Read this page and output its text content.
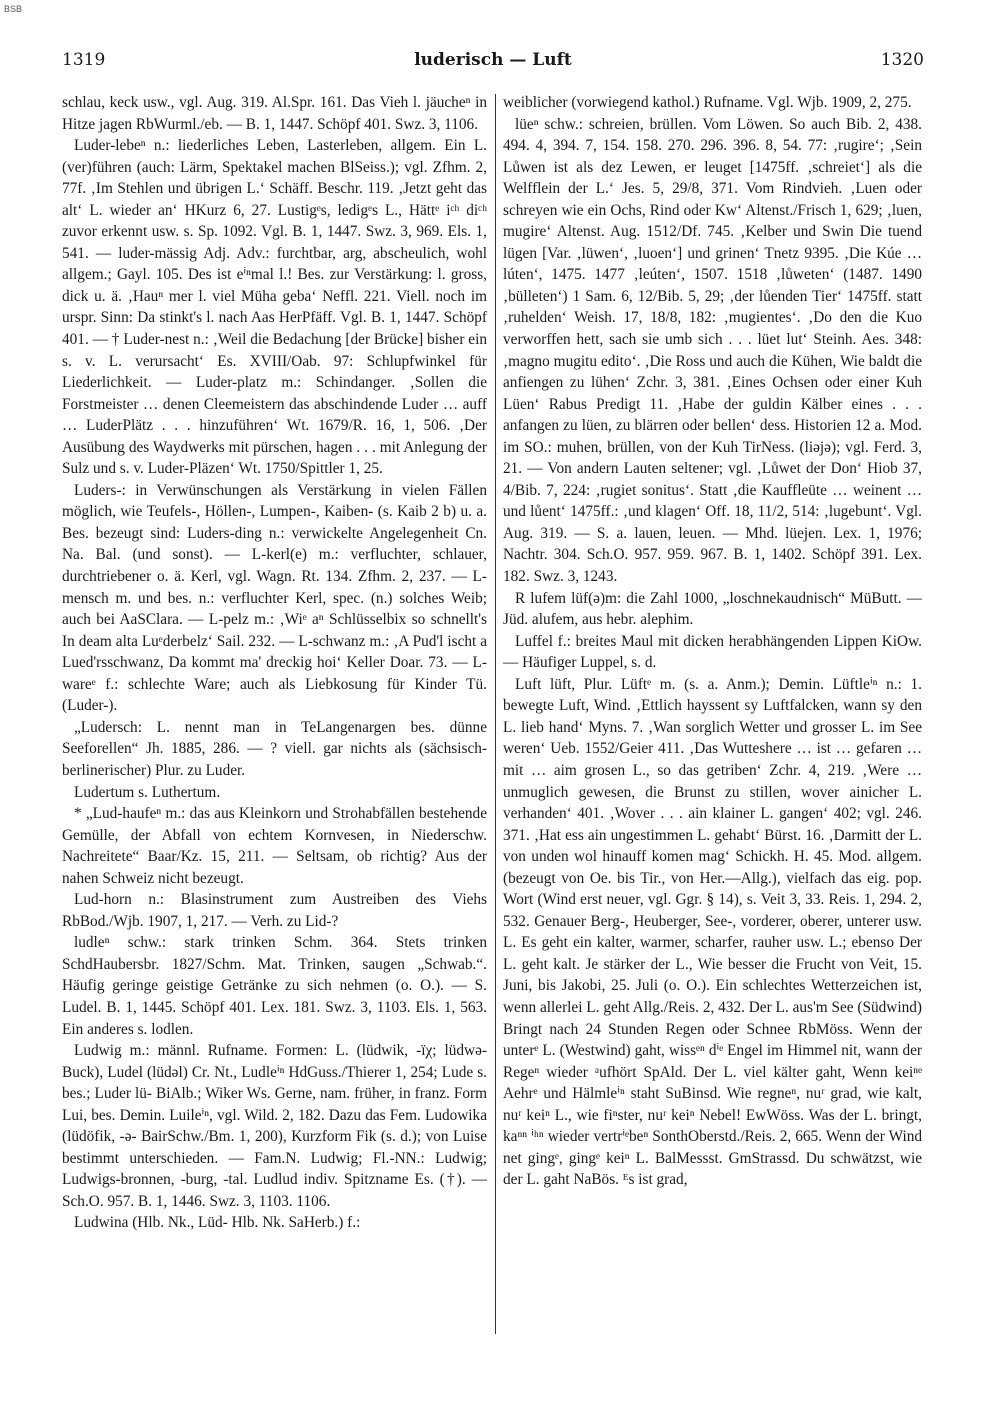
BSB
1319	luderisch — Luft	1320

schlau, keck usw., vgl. Aug. 319. Al.Spr. 161. Das Vieh l. jäucheⁿ in Hitze jagen RbWurml./eb. — B. 1, 1447. Schöpf 401. Swz. 3, 1106.

Luder-lebeⁿ n.: liederliches Leben, Lasterleben, allgem. Ein L. (ver)führen (auch: Lärm, Spektakel machen BlSeiss.); vgl. Zfhm. 2, 77f. ‚Im Stehlen und übrigen L.‘ Schäff. Beschr. 119. ‚Jetzt geht das alt‘ L. wieder an‘ HKurz 6, 27. Lustigᵉs, ledigᵉs L., Hättᵉ iᶜʰ diᶜʰ zuvor erkennt usw. s. Sp. 1092. Vgl. B. 1, 1447. Swz. 3, 969. Els. 1, 541. — luder-mässig Adj. Adv.: furchtbar, arg, abscheulich, wohl allgem.; Gayl. 105. Des ist eⁱⁿmal l.! Bes. zur Verstärkung: l. gross, dick u. ä. ‚Hauⁿ mer l. viel Müha geba‘ Neffl. 221. Viell. noch im urspr. Sinn: Da stinkt's l. nach Aas HerPfäff. Vgl. B. 1, 1447. Schöpf 401. — † Luder-nest n.: ‚Weil die Bedachung [der Brücke] bisher ein s. v. L. verursacht‘ Es. XVIII/Oab. 97: Schlupfwinkel für Liederlichkeit. — Luder-platz m.: Schindanger. ‚Sollen die Forstmeister … denen Cleemeistern das abschindende Luder … auff … LuderPlätz . . . hinzuführen‘ Wt. 1679/R. 16, 1, 506. ‚Der Ausübung des Waydwerks mit pürschen, hagen . . . mit Anlegung der Sulz und s. v. Luder-Pläzen‘ Wt. 1750/Spittler 1, 25.

Luders-: in Verwünschungen als Verstärkung in vielen Fällen möglich, wie Teufels-, Höllen-, Lumpen-, Kaiben- (s. Kaib 2 b) u. a. Bes. bezeugt sind: Luders-ding n.: verwickelte Angelegenheit Cn. Na. Bal. (und sonst). — L-kerl(e) m.: verfluchter, schlauer, durchtriebener o. ä. Kerl, vgl. Wagn. Rt. 134. Zfhm. 2, 237. — L-mensch m. und bes. n.: verfluchter Kerl, spec. (n.) solches Weib; auch bei AaSClara. — L-pelz m.: ‚Wiᵉ aⁿ Schlüsselbix so schnellt's In deam alta Luᵉderbelz‘ Sail. 232. — L-schwanz m.: ‚A Pud'l ischt a Lued'rsschwanz, Da kommt ma' dreckig hoi‘ Keller Doar. 73. — L-wareᵉ f.: schlechte Ware; auch als Liebkosung für Kinder Tü. (Luder-).

„Ludersch: L. nennt man in TeLangenargen bes. dünne Seeforellen“ Jh. 1885, 286. — ? viell. gar nichts als (sächsisch-berlinerischer) Plur. zu Luder.

Ludertum s. Luthertum.

* „Lud-haufeⁿ m.: das aus Kleinkorn und Strohabfällen bestehende Gemülle, der Abfall von echtem Kornvesen, in Niederschw. Nachreitete“ Baar/Kz. 15, 211. — Seltsam, ob richtig? Aus der nahen Schweiz nicht bezeugt.

Lud-horn n.: Blasinstrument zum Austreiben des Viehs RbBod./Wjb. 1907, 1, 217. — Verh. zu Lid-?

ludleⁿ schw.: stark trinken Schm. 364. Stets trinken SchdHaubersbr. 1827/Schm. Mat. Trinken, saugen „Schwab.“. Häufig geringe geistige Getränke zu sich nehmen (o. O.). — S. Ludel. B. 1, 1445. Schöpf 401. Lex. 181. Swz. 3, 1103. Els. 1, 563. Ein anderes s. lodlen.

Ludwig m.: männl. Rufname. Formen: L. (lüdwik, -ïχ; lüdwə- Buck), Ludel (lüdəl) Cr. Nt., Ludleⁱⁿ HdGuss./Thierer 1, 254; Lude s. bes.; Luder lü- BiAlb.; Wiker Ws. Gerne, nam. früher, in franz. Form Lui, bes. Demin. Luileⁱⁿ, vgl. Wild. 2, 182. Dazu das Fem. Ludowika (lüdöfik, -ə- BairSchw./Bm. 1, 200), Kurzform Fik (s. d.); von Luise bestimmt unterschieden. — Fam.N. Ludwig; Fl.-NN.: Ludwig; Ludwigs-bronnen, -burg, -tal. Ludlud indiv. Spitzname Es. (†). — Sch.O. 957. B. 1, 1446. Swz. 3, 1103. 1106.

Ludwina (Hlb. Nk., Lüd- Hlb. Nk. SaHerb.) f.:

weiblicher (vorwiegend kathol.) Rufname. Vgl. Wjb. 1909, 2, 275.

lüeⁿ schw.: schreien, brüllen. Vom Löwen. So auch Bib. 2, 438. 494. 4, 394. 7, 154. 158. 270. 296. 396. 8, 54. 77: ‚rugire‘; ‚Sein Lůwen ist als dez Lewen, er leuget [1475ff. ‚schreiet‘] als die Welfflein der L.‘ Jes. 5, 29/8, 371. Vom Rindvieh. ‚Luen oder schreyen wie ein Ochs, Rind oder Kw‘ Altenst./Frisch 1, 629; ‚luen, mugire‘ Altenst. Aug. 1512/Df. 745. ‚Kelber und Swin Die tuend lügen [Var. ‚lüwen‘, ‚luoen‘] und grinen‘ Tnetz 9395. ‚Die Kúe … lúten‘, 1475. 1477 ‚leúten‘, 1507. 1518 ‚lůweten‘ (1487. 1490 ‚bülleten‘) 1 Sam. 6, 12/Bib. 5, 29; ‚der lůenden Tier‘ 1475ff. statt ‚ruhelden‘ Weish. 17, 18/8, 182: ‚mugientes‘. ‚Do den die Kuo verworffen hett, sach sie umb sich . . . lüet lut‘ Steinh. Aes. 348: ‚magno mugitu edito‘. ‚Die Ross und auch die Kühen, Wie baldt die anfiengen zu lühen‘ Zchr. 3, 381. ‚Eines Ochsen oder einer Kuh Lüen‘ Rabus Predigt 11. ‚Habe der guldin Kälber eines . . . anfangen zu lüen, zu blärren oder bellen‘ dess. Historien 12 a. Mod. im SO.: muhen, brüllen, von der Kuh TirNess. (liəjə); vgl. Ferd. 3, 21. — Von andern Lauten seltener; vgl. ‚Lůwet der Don‘ Hiob 37, 4/Bib. 7, 224: ‚rugiet sonitus‘. Statt ‚die Kauffleüte … weinent … und lůent‘ 1475ff.: ‚und klagen‘ Off. 18, 11/2, 514: ‚lugebunt‘. Vgl. Aug. 319. — S. a. lauen, leuen. — Mhd. lüejen. Lex. 1, 1976; Nachtr. 304. Sch.O. 957. 959. 967. B. 1, 1402. Schöpf 391. Lex. 182. Swz. 3, 1243.

R lufem lüf(ə)m: die Zahl 1000, „loschnekaudnisch“ MüButt. — Jüd. alufem, aus hebr. alephim.

Luffel f.: breites Maul mit dicken herabhängenden Lippen KiOw. — Häufiger Luppel, s. d.

Luft lüft, Plur. Lüftᵉ m. (s. a. Anm.); Demin. Lüftleⁱⁿ n.: 1. bewegte Luft, Wind. ‚Ettlich hayssent sy Luftfalcken, wann sy den L. lieb hand‘ Myns. 7. ‚Wan sorglich Wetter und grosser L. im See weren‘ Ueb. 1552/Geier 411. ‚Das Wutteshere … ist … gefaren … mit … aim grosen L., so das getriben‘ Zchr. 4, 219. ‚Were … unmuglich gewesen, die Brunst zu stillen, wover ainicher L. verhanden‘ 401. ‚Wover . . . ain klainer L. gangen‘ 402; vgl. 246. 371. ‚Hat ess ain ungestimmen L. gehabt‘ Bürst. 16. ‚Darmitt der L. von unden wol hinauff komen mag‘ Schickh. H. 45. Mod. allgem. (bezeugt von Oe. bis Tir., von Her.—Allg.), vielfach das eig. pop. Wort (Wind erst neuer, vgl. Ggr. § 14), s. Veit 3, 33. Reis. 1, 294. 2, 532. Genauer Berg-, Heuberger, See-, vorderer, oberer, unterer usw. L. Es geht ein kalter, warmer, scharfer, rauher usw. L.; ebenso Der L. geht kalt. Je stärker der L., Wie besser die Frucht von Veit, 15. Juni, bis Jakobi, 25. Juli (o. O.). Ein schlechtes Wetterzeichen ist, wenn allerlei L. geht Allg./Reis. 2, 432. Der L. aus'm See (Südwind) Bringt nach 24 Stunden Regen oder Schnee RbMöss. Wenn der unterᵉ L. (Westwind) gaht, wissᵉⁿ dⁱᵉ Engel im Himmel nit, wann der Regeⁿ wieder ᵃufhört SpAld. Der L. viel kälter gaht, Wenn keiⁿᵉ Aehrᵉ und Hälmleⁱⁿ staht SuBinsd. Wie regneⁿ, nuʳ grad, wie kalt, nuʳ keiⁿ L., wie fiⁿster, nuʳ keiⁿ Nebel! EwWöss. Was der L. bringt, kaⁿⁿ ⁱʰⁿ wieder vertrⁱᵉbeⁿ SonthOberstd./Reis. 2, 665. Wenn der Wind net gingᵉ, gingᵉ keiⁿ L. BalMessst. GmStrassd. Du schwätzst, wie der L. gaht NaBös. ᴱs ist grad,
